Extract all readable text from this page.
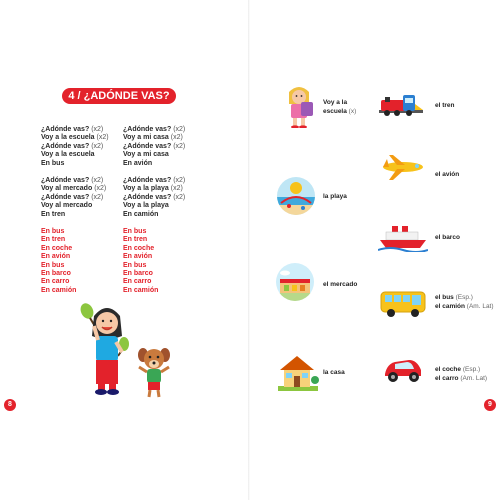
4 / ¿ADÓNDE VAS?
¿Adónde vas? (x2)
Voy a la escuela (x2)
¿Adónde vas? (x2)
Voy a la escuela
En bus
¿Adónde vas? (x2)
Voy a mi casa (x2)
¿Adónde vas? (x2)
Voy a mi casa
En avión
¿Adónde vas? (x2)
Voy al mercado (x2)
¿Adónde vas? (x2)
Voy al mercado
En tren
¿Adónde vas? (x2)
Voy a la playa (x2)
¿Adónde vas? (x2)
Voy a la playa
En camión
En bus
En tren
En coche
En avión
En bus
En barco
En carro
En camión
En bus
En tren
En coche
En avión
En bus
En barco
En carro
En camión
8
Voy a la
escuela (x)
la playa
el mercado
la casa
el tren
el avión
el barco
el bus (Esp.)
el camión (Am. Lat)
el coche (Esp.)
el carro (Am. Lat)
9
